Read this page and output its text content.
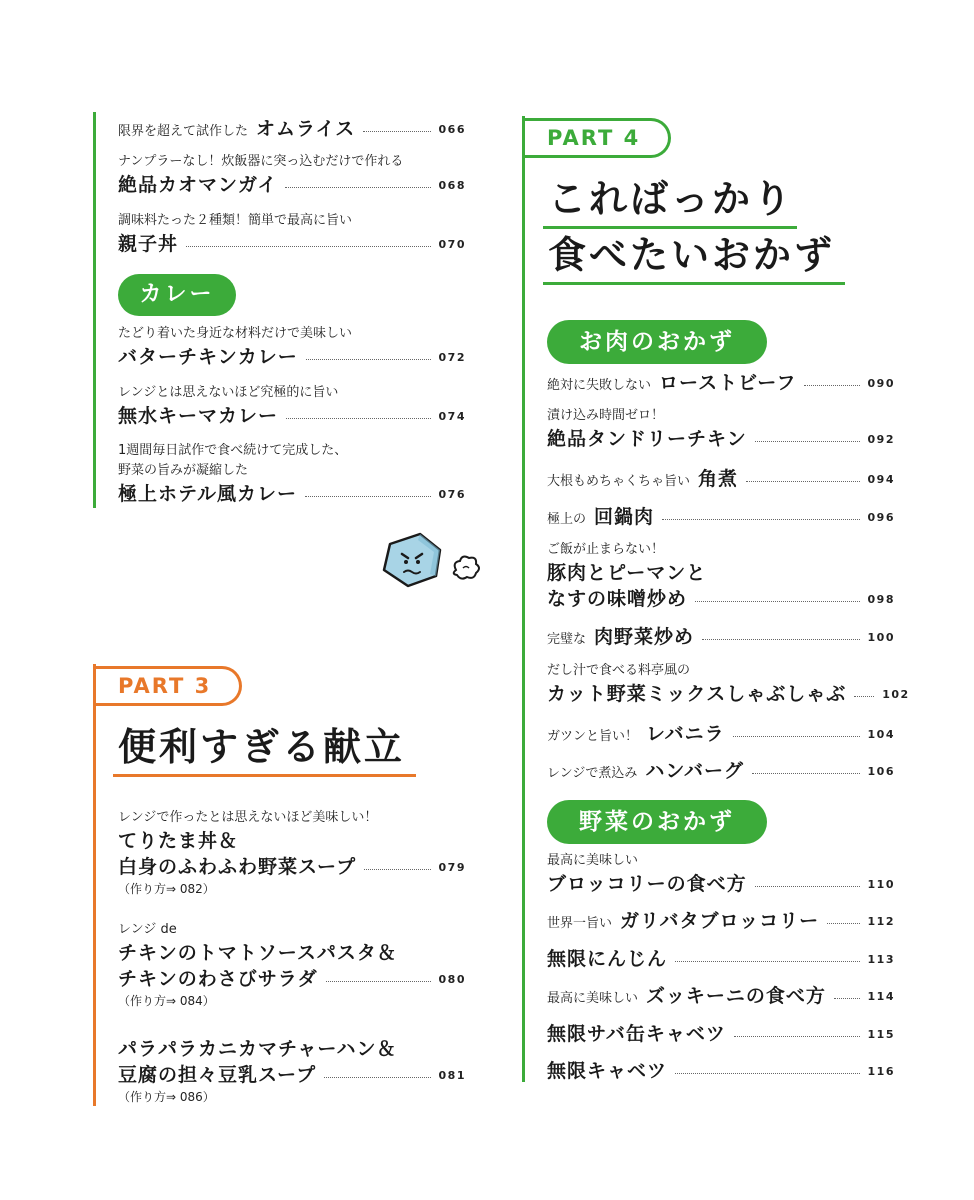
限界を超えて試作した オムライス	066
ナンプラーなし！炊飯器に突っ込むだけで作れる
絶品カオマンガイ	068
調味料たった２種類！簡単で最高に旨い
親子丼	070
カレー
たどり着いた身近な材料だけで美味しい
バターチキンカレー	072
レンジとは思えないほど究極的に旨い
無水キーマカレー	074
1週間毎日試作で食べ続けて完成した、
野菜の旨みが凝縮した
極上ホテル風カレー	076
PART 3
便利すぎる献立
レンジで作ったとは思えないほど美味しい！
てりたま丼＆
白身のふわふわ野菜スープ	079
（作り方⇒ 082）
レンジ de
チキンのトマトソースパスタ＆
チキンのわさびサラダ	080
（作り方⇒ 084）
パラパラカニカマチャーハン＆
豆腐の担々豆乳スープ	081
（作り方⇒ 086）
PART 4
こればっかり
食べたいおかず
お肉のおかず
絶対に失敗しない ローストビーフ	090
漬け込み時間ゼロ！
絶品タンドリーチキン	092
大根もめちゃくちゃ旨い 角煮	094
極上の 回鍋肉	096
ご飯が止まらない！
豚肉とピーマンと
なすの味噌炒め	098
完璧な 肉野菜炒め	100
だし汁で食べる料亭風の
カット野菜ミックスしゃぶしゃぶ	102
ガツンと旨い！ レバニラ	104
レンジで煮込み ハンバーグ	106
野菜のおかず
最高に美味しい
ブロッコリーの食べ方	110
世界一旨い ガリバタブロッコリー	112
無限にんじん	113
最高に美味しい ズッキーニの食べ方	114
無限サバ缶キャベツ	115
無限キャベツ	116
